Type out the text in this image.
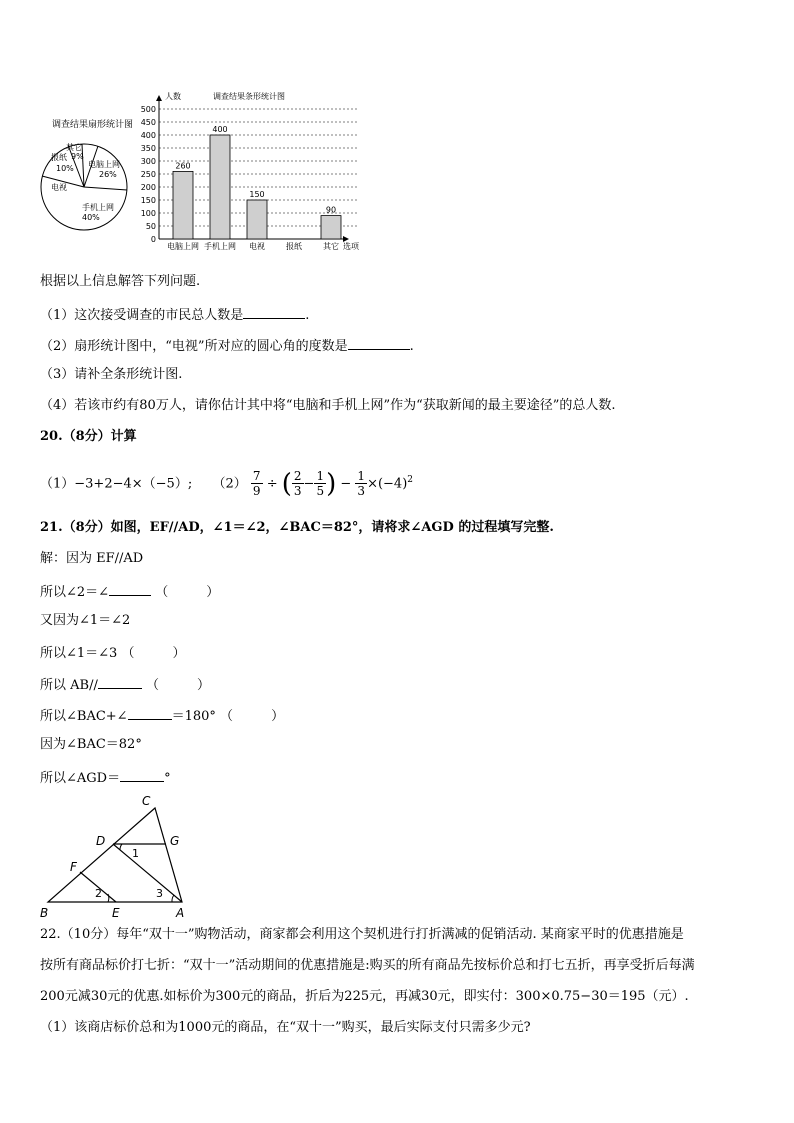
调查结果扇形统计图
其它
报纸 9%
10% 电脑上网
26%
电视
手机上网
40%
调查结果条形统计图
人数
0
50
100
150
200
250
300
350
400
450
500
选项
260
电脑上网
400
手机上网
150
电视	报纸
90
其它
根据以上信息解答下列问题.
（1）这次接受调查的市民总人数是	.
（2）扇形统计图中，“电视”所对应的圆心角的度数是	.
（3）请补全条形统计图.
（4）若该市约有80万人，请你估计其中将“电脑和手机上网”作为“获取新闻的最主要途径”的总人数.
20.（8分）计算
（1）−3+2−4×（−5）; $(2) \frac{7}{9}$ ÷ ( $\frac{2}{3} - \frac{1}{5}$ ) − $\frac{1}{3} \times(-4)^2$
21.（8分）如图，EF//AD，∠1＝∠2，∠BAC＝82°，请将求∠AGD 的过程填写完整.
解：因为 EF//AD
所以∠2＝∠	（	）
又因为∠1＝∠2
所以∠1＝∠3 （	）
所以 AB//	（	）
所以∠BAC+∠	＝180° （	）
因为∠BAC＝82°
所以∠AGD＝	°
C
D	G
F
B	E	A
1
2	3
22.（10分）每年“双十一”购物活动，商家都会利用这个契机进行打折满减的促销活动. 某商家平时的优惠措施是
按所有商品标价打七折：“双十一”活动期间的优惠措施是:购买的所有商品先按标价总和打七五折，再享受折后每满
200元减30元的优惠.如标价为300元的商品，折后为225元，再减30元，即实付：300×0.75−30＝195（元）.
（1）该商店标价总和为1000元的商品，在“双十一”购买，最后实际支付只需多少元?
